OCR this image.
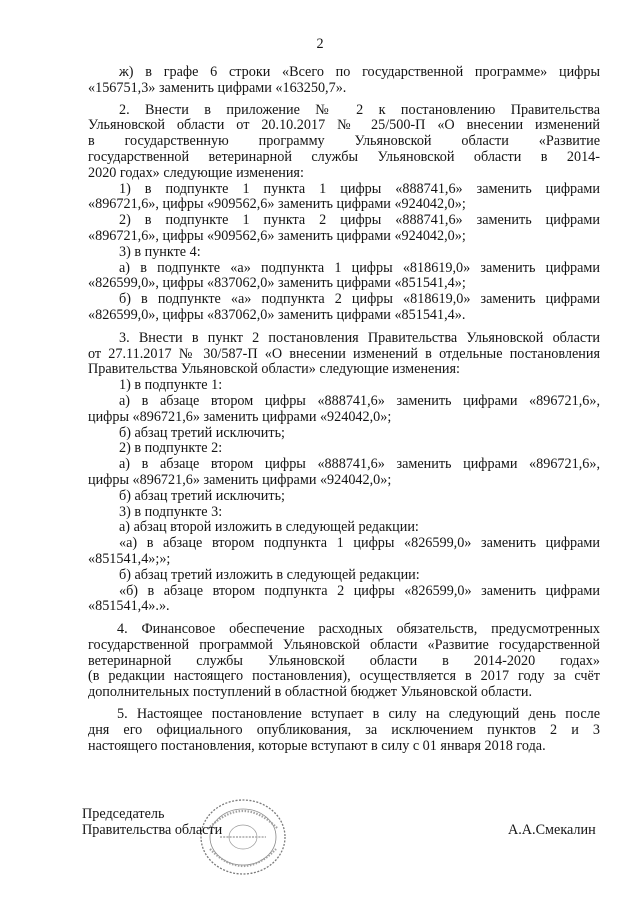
2
ж) в графе 6 строки «Всего по государственной программе» цифры
«156751,3» заменить цифрами «163250,7».
2. Внести в приложение № 2 к постановлению Правительства
Ульяновской области от 20.10.2017 № 25/500-П «О внесении изменений
в государственную программу Ульяновской области «Развитие
государственной ветеринарной службы Ульяновской области в 2014-
2020 годах» следующие изменения:
1) в подпункте 1 пункта 1 цифры «888741,6» заменить цифрами
«896721,6», цифры «909562,6» заменить цифрами «924042,0»;
2) в подпункте 1 пункта 2 цифры «888741,6» заменить цифрами
«896721,6», цифры «909562,6» заменить цифрами «924042,0»;
3) в пункте 4:
а) в подпункте «а» подпункта 1 цифры «818619,0» заменить цифрами
«826599,0», цифры «837062,0» заменить цифрами «851541,4»;
б) в подпункте «а» подпункта 2 цифры «818619,0» заменить цифрами
«826599,0», цифры «837062,0» заменить цифрами «851541,4».
3. Внести в пункт 2 постановления Правительства Ульяновской области
от 27.11.2017 № 30/587-П «О внесении изменений в отдельные постановления
Правительства Ульяновской области» следующие изменения:
1) в подпункте 1:
а) в абзаце втором цифры «888741,6» заменить цифрами «896721,6»,
цифры «896721,6» заменить цифрами «924042,0»;
б) абзац третий исключить;
2) в подпункте 2:
а) в абзаце втором цифры «888741,6» заменить цифрами «896721,6»,
цифры «896721,6» заменить цифрами «924042,0»;
б) абзац третий исключить;
3) в подпункте 3:
а) абзац второй изложить в следующей редакции:
«а) в абзаце втором подпункта 1 цифры «826599,0» заменить цифрами
«851541,4»;»;
б) абзац третий изложить в следующей редакции:
«б) в абзаце втором подпункта 2 цифры «826599,0» заменить цифрами
«851541,4».».
4. Финансовое обеспечение расходных обязательств, предусмотренных
государственной программой Ульяновской области «Развитие государственной
ветеринарной службы Ульяновской области в 2014-2020 годах»
(в редакции настоящего постановления), осуществляется в 2017 году за счёт
дополнительных поступлений в областной бюджет Ульяновской области.
5. Настоящее постановление вступает в силу на следующий день после
дня его официального опубликования, за исключением пунктов 2 и 3
настоящего постановления, которые вступают в силу с 01 января 2018 года.
Председатель
Правительства области	А.А.Смекалин
